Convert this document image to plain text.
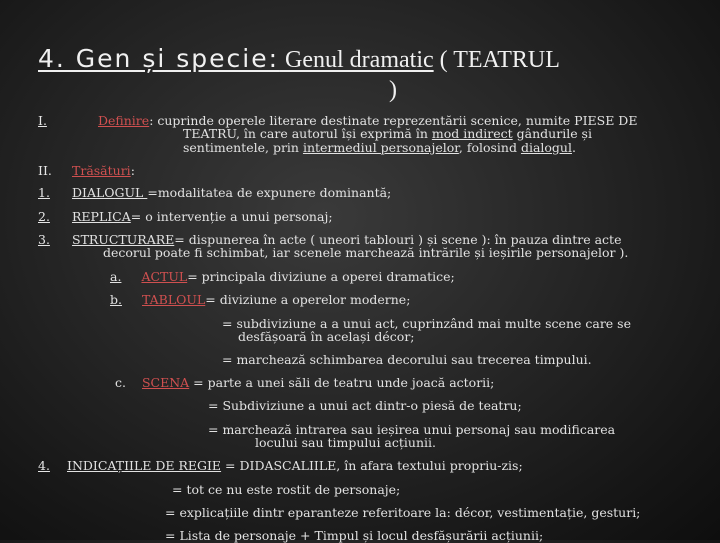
4. Gen și specie: Genul dramatic ( TEATRUL
)
I.	Definire: cuprinde operele literare destinate reprezentării scenice, numite PIESE DE
TEATRU, în care autorul își exprimă în mod indirect gândurile și
sentimentele, prin intermediul personajelor, folosind dialogul.
II. Trăsături:
1. DIALOGUL =modalitatea de expunere dominantă;
2. REPLICA= o intervenție a unui personaj;
3. STRUCTURARE= dispunerea în acte ( uneori tablouri ) și scene ): în pauza dintre acte
decorul poate fi schimbat, iar scenele marchează intrările și ieșirile personajelor ).
a. ACTUL= principala diviziune a operei dramatice;
b. TABLOUL= diviziune a operelor moderne;
= subdiviziune a a unui act, cuprinzând mai multe scene care se
desfășoară în același décor;
= marchează schimbarea decorului sau trecerea timpului.
c. SCENA = parte a unei săli de teatru unde joacă actorii;
= Subdiviziune a unui act dintr-o piesă de teatru;
= marchează intrarea sau ieșirea unui personaj sau modificarea
locului sau timpului acțiunii.
4. INDICAȚIILE DE REGIE = DIDASCALIILE, în afara textului propriu-zis;
= tot ce nu este rostit de personaje;
= explicațiile dintr eparanteze referitoare la: décor, vestimentație, gesturi;
= Lista de personaje + Timpul și locul desfășurării acțiunii;
